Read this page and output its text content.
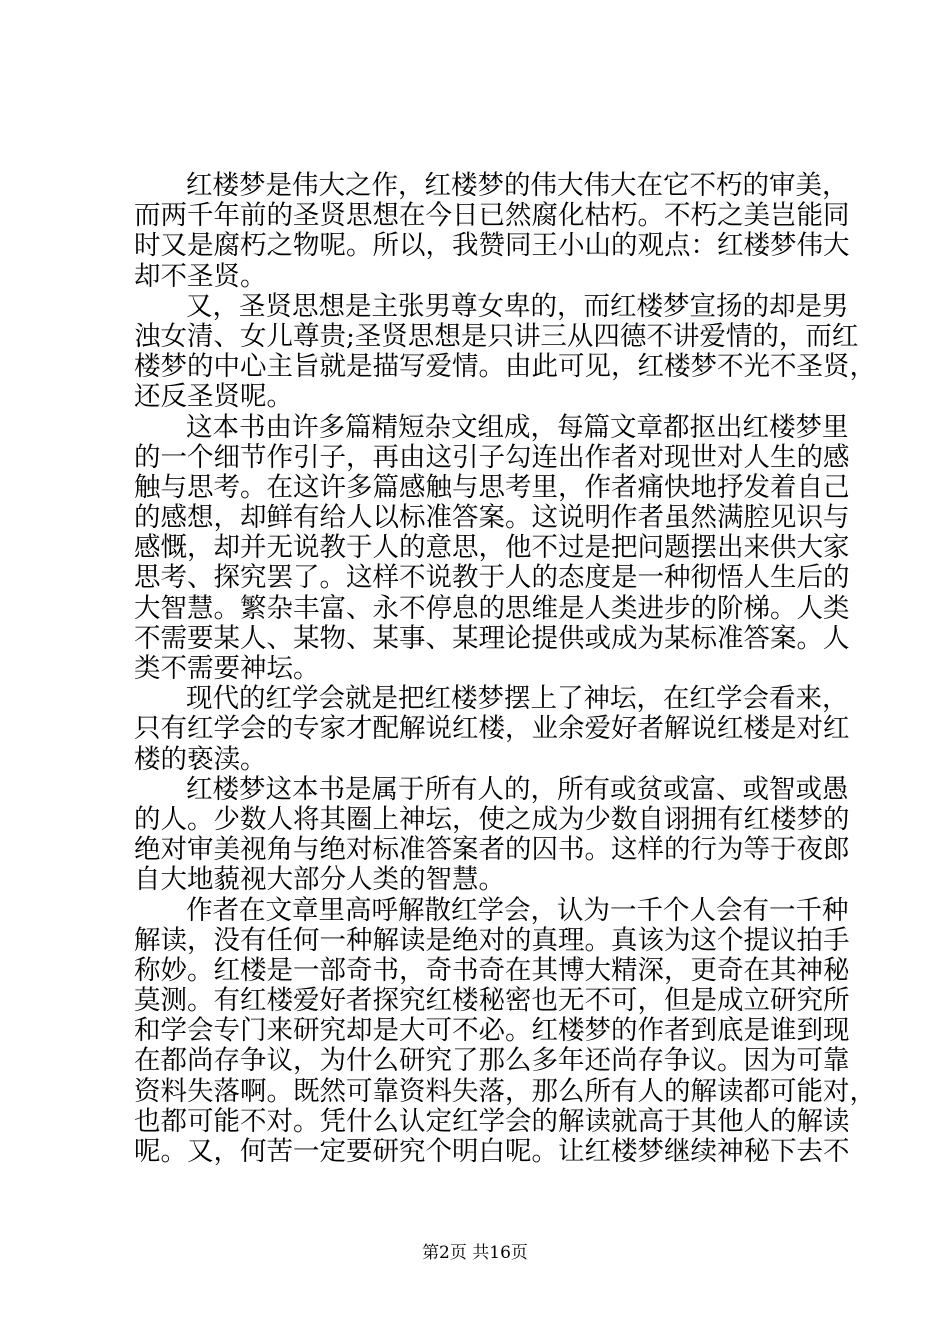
红楼梦是伟大之作，红楼梦的伟大伟大在它不朽的审美，
而两千年前的圣贤思想在今日已然腐化枯朽。不朽之美岂能同
时又是腐朽之物呢。所以，我赞同王小山的观点：红楼梦伟大
却不圣贤。
又，圣贤思想是主张男尊女卑的，而红楼梦宣扬的却是男
浊女清、女儿尊贵;圣贤思想是只讲三从四德不讲爱情的，而红
楼梦的中心主旨就是描写爱情。由此可见，红楼梦不光不圣贤，
还反圣贤呢。
这本书由许多篇精短杂文组成，每篇文章都抠出红楼梦里
的一个细节作引子，再由这引子勾连出作者对现世对人生的感
触与思考。在这许多篇感触与思考里，作者痛快地抒发着自己
的感想，却鲜有给人以标准答案。这说明作者虽然满腔见识与
感慨，却并无说教于人的意思，他不过是把问题摆出来供大家
思考、探究罢了。这样不说教于人的态度是一种彻悟人生后的
大智慧。繁杂丰富、永不停息的思维是人类进步的阶梯。人类
不需要某人、某物、某事、某理论提供或成为某标准答案。人
类不需要神坛。
现代的红学会就是把红楼梦摆上了神坛，在红学会看来，
只有红学会的专家才配解说红楼，业余爱好者解说红楼是对红
楼的亵渎。
红楼梦这本书是属于所有人的，所有或贫或富、或智或愚
的人。少数人将其圈上神坛，使之成为少数自诩拥有红楼梦的
绝对审美视角与绝对标准答案者的囚书。这样的行为等于夜郎
自大地藐视大部分人类的智慧。
作者在文章里高呼解散红学会，认为一千个人会有一千种
解读，没有任何一种解读是绝对的真理。真该为这个提议拍手
称妙。红楼是一部奇书，奇书奇在其博大精深，更奇在其神秘
莫测。有红楼爱好者探究红楼秘密也无不可，但是成立研究所
和学会专门来研究却是大可不必。红楼梦的作者到底是谁到现
在都尚存争议，为什么研究了那么多年还尚存争议。因为可靠
资料失落啊。既然可靠资料失落，那么所有人的解读都可能对，
也都可能不对。凭什么认定红学会的解读就高于其他人的解读
呢。又，何苦一定要研究个明白呢。让红楼梦继续神秘下去不
第2页 共16页
